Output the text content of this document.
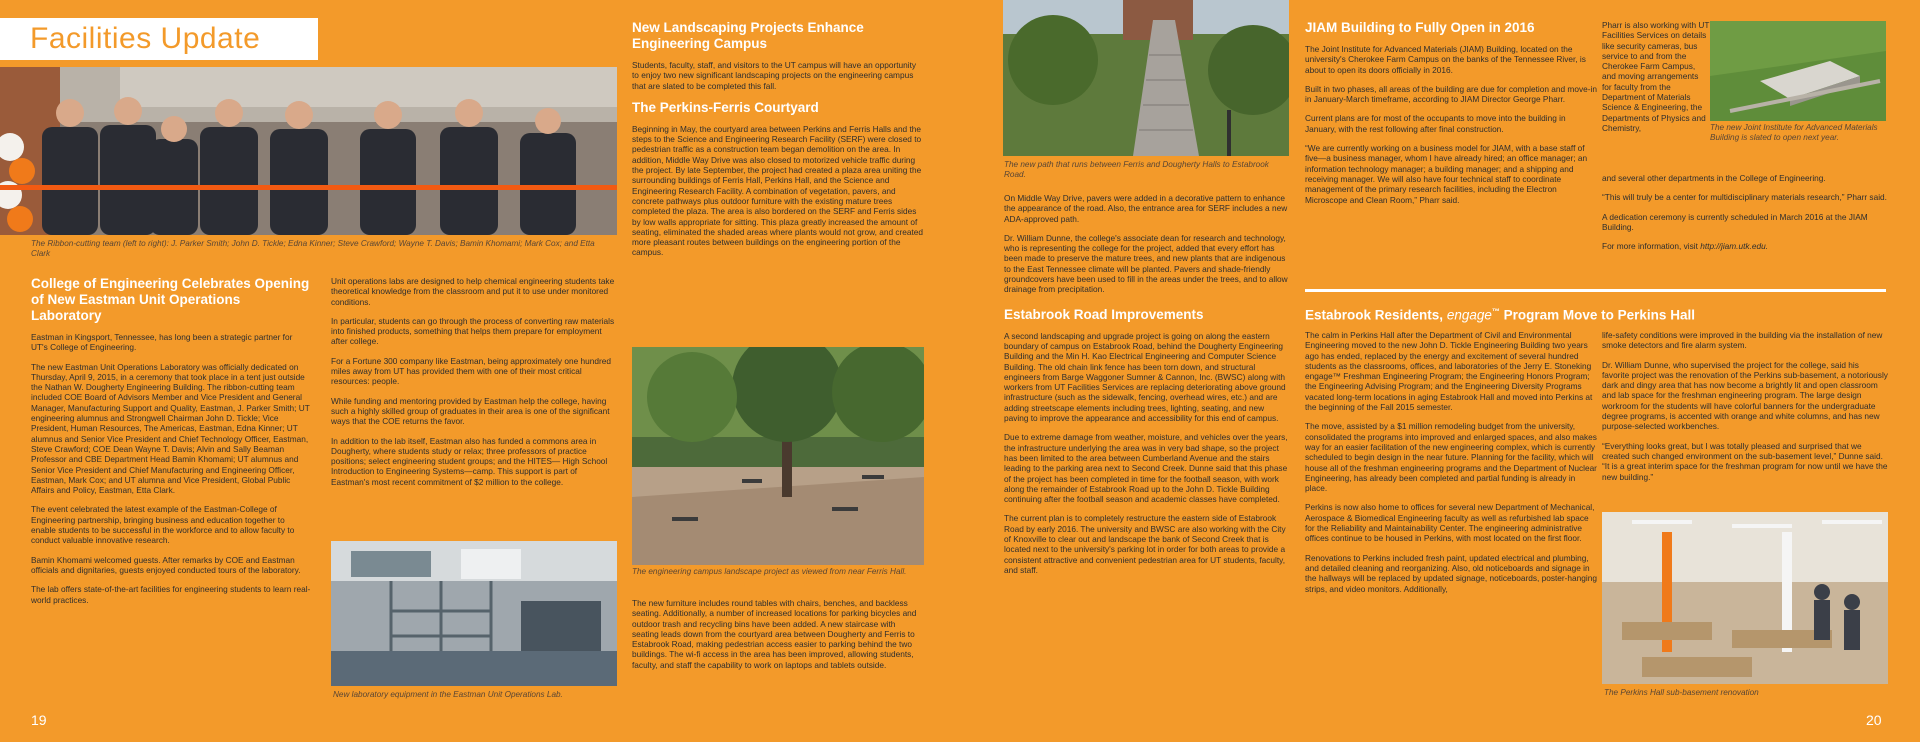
Facilities Update
The Ribbon-cutting team (left to right): J. Parker Smith; John D. Tickle; Edna Kinner; Steve Crawford; Wayne T. Davis; Bamin Khomami; Mark Cox; and Etta Clark
College of Engineering Celebrates Opening of New Eastman Unit Operations Laboratory

Eastman in Kingsport, Tennessee, has long been a strategic partner for UT's College of Engineering.

The new Eastman Unit Operations Laboratory was officially dedicated on Thursday, April 9, 2015, in a ceremony that took place in a tent just outside the Nathan W. Dougherty Engineering Building. The ribbon-cutting team included COE Board of Advisors Member and Vice President and General Manager, Manufacturing Support and Quality, Eastman, J. Parker Smith; UT engineering alumnus and Strongwell Chairman John D. Tickle; Vice President, Human Resources, The Americas, Eastman, Edna Kinner; UT alumnus and Senior Vice President and Chief Technology Officer, Eastman, Steve Crawford; COE Dean Wayne T. Davis; Alvin and Sally Beaman Professor and CBE Department Head Bamin Khomami; UT alumnus and Senior Vice President and Chief Manufacturing and Engineering Officer, Eastman, Mark Cox; and UT alumna and Vice President, Global Public Affairs and Policy, Eastman, Etta Clark.

The event celebrated the latest example of the Eastman-College of Engineering partnership, bringing business and education together to enable students to be successful in the workforce and to allow faculty to conduct valuable innovative research.

Bamin Khomami welcomed guests. After remarks by COE and Eastman officials and dignitaries, guests enjoyed conducted tours of the laboratory.

The lab offers state-of-the-art facilities for engineering students to learn real-world practices.

Unit operations labs are designed to help chemical engineering students take theoretical knowledge from the classroom and put it to use under monitored conditions.

In particular, students can go through the process of converting raw materials into finished products, something that helps them prepare for employment after college.

For a Fortune 300 company like Eastman, being approximately one hundred miles away from UT has provided them with one of their most critical resources: people.

While funding and mentoring provided by Eastman help the college, having such a highly skilled group of graduates in their area is one of the significant ways that the COE returns the favor.

In addition to the lab itself, Eastman also has funded a commons area in Dougherty, where students study or relax; three professors of practice positions; select engineering student groups; and the HITES— High School Introduction to Engineering Systems—camp. This support is part of Eastman's most recent commitment of $2 million to the college.

New laboratory equipment in the Eastman Unit Operations Lab.
19
New Landscaping Projects Enhance Engineering Campus

Students, faculty, staff, and visitors to the UT campus will have an opportunity to enjoy two new significant landscaping projects on the engineering campus that are slated to be completed this fall.

The Perkins-Ferris Courtyard

Beginning in May, the courtyard area between Perkins and Ferris Halls and the steps to the Science and Engineering Research Facility (SERF) were closed to pedestrian traffic as a construction team began demolition on the area. In addition, Middle Way Drive was also closed to motorized vehicle traffic during the project. By late September, the project had created a plaza area uniting the surrounding buildings of Ferris Hall, Perkins Hall, and the Science and Engineering Research Facility. A combination of vegetation, pavers, and concrete pathways plus outdoor furniture with the existing mature trees completed the plaza. The area is also bordered on the SERF and Ferris sides by low walls appropriate for sitting. This plaza greatly increased the amount of seating, eliminated the shaded areas where plants would not grow, and created more pleasant routes between buildings on the engineering portion of the campus.

The engineering campus landscape project as viewed from near Ferris Hall.

The new furniture includes round tables with chairs, benches, and backless seating. Additionally, a number of increased locations for parking bicycles and outdoor trash and recycling bins have been added. A new staircase with seating leads down from the courtyard area between Dougherty and Ferris to Estabrook Road, making pedestrian access easier to parking behind the two buildings. The wi-fi access in the area has been improved, allowing students, faculty, and staff the capability to work on laptops and tablets outside.

The new path that runs between Ferris and Dougherty Halls to Estabrook Road.

On Middle Way Drive, pavers were added in a decorative pattern to enhance the appearance of the road. Also, the entrance area for SERF includes a new ADA-approved path.

Dr. William Dunne, the college's associate dean for research and technology, who is representing the college for the project, added that every effort has been made to preserve the mature trees, and new plants that are indigenous to the East Tennessee climate will be planted. Pavers and shade-friendly groundcovers have been used to fill in the areas under the trees, and to allow drainage from precipitation.

Estabrook Road Improvements

A second landscaping and upgrade project is going on along the eastern boundary of campus on Estabrook Road, behind the Dougherty Engineering Building and the Min H. Kao Electrical Engineering and Computer Science Building. The old chain link fence has been torn down, and structural engineers from Barge Waggoner Sumner & Cannon, Inc. (BWSC) along with workers from UT Facilities Services are replacing deteriorating above ground infrastructure (such as the sidewalk, fencing, overhead wires, etc.) and are adding streetscape elements including trees, lighting, seating, and new paving to improve the appearance and accessibility for this end of campus.

Due to extreme damage from weather, moisture, and vehicles over the years, the infrastructure underlying the area was in very bad shape, so the project has been limited to the area between Cumberland Avenue and the stairs leading to the parking area next to Second Creek. Dunne said that this phase of the project has been completed in time for the football season, with work along the remainder of Estabrook Road up to the John D. Tickle Building continuing after the football season and academic classes have completed.

The current plan is to completely restructure the eastern side of Estabrook Road by early 2016. The university and BWSC are also working with the City of Knoxville to clear out and landscape the bank of Second Creek that is located next to the university's parking lot in order for both areas to provide a consistent attractive and convenient pedestrian area for UT students, faculty, and staff.

JIAM Building to Fully Open in 2016

The Joint Institute for Advanced Materials (JIAM) Building, located on the university's Cherokee Farm Campus on the banks of the Tennessee River, is about to open its doors officially in 2016.

Built in two phases, all areas of the building are due for completion and move-in in January-March timeframe, according to JIAM Director George Pharr.

Current plans are for most of the occupants to move into the building in January, with the rest following after final construction.

“We are currently working on a business model for JIAM, with a base staff of five—a business manager, whom I have already hired; an office manager; an information technology manager; a building manager; and a shipping and receiving manager. We will also have four technical staff to coordinate management of the primary research facilities, including the Electron Microscope and Clean Room,” Pharr said.

Pharr is also working with UT Facilities Services on details like security cameras, bus service to and from the Cherokee Farm Campus, and moving arrangements for faculty from the Department of Materials Science & Engineering, the Departments of Physics and Chemistry,	The new Joint Institute for Advanced Materials Building is slated to open next year.

and several other departments in the College of Engineering.

“This will truly be a center for multidisciplinary materials research,” Pharr said.

A dedication ceremony is currently scheduled in March 2016 at the JIAM Building.

For more information, visit http://jiam.utk.edu.

Estabrook Residents, engage™ Program Move to Perkins Hall

The calm in Perkins Hall after the Department of Civil and Environmental Engineering moved to the new John D. Tickle Engineering Building two years ago has ended, replaced by the energy and excitement of several hundred students as the classrooms, offices, and laboratories of the Jerry E. Stoneking engage™ Freshman Engineering Program; the Engineering Honors Program; the Engineering Advising Program; and the Engineering Diversity Programs vacated long-term locations in aging Estabrook Hall and moved into Perkins at the beginning of the Fall 2015 semester.

The move, assisted by a $1 million remodeling budget from the university, consolidated the programs into improved and enlarged spaces, and also makes way for an easier facilitation of the new engineering complex, which is currently scheduled to begin design in the near future. Planning for the facility, which will house all of the freshman engineering programs and the Department of Nuclear Engineering, has already been completed and partial funding is already in place.

Perkins is now also home to offices for several new Department of Mechanical, Aerospace & Biomedical Engineering faculty as well as refurbished lab space for the Reliability and Maintainability Center. The engineering administrative offices continue to be housed in Perkins, with most located on the first floor.

Renovations to Perkins included fresh paint, updated electrical and plumbing, and detailed cleaning and reorganizing. Also, old noticeboards and signage in the hallways will be replaced by updated signage, noticeboards, poster-hanging strips, and video monitors. Additionally,

life-safety conditions were improved in the building via the installation of new smoke detectors and fire alarm system.

Dr. William Dunne, who supervised the project for the college, said his favorite project was the renovation of the Perkins sub-basement, a notoriously dark and dingy area that has now become a brightly lit and open classroom and lab space for the freshman engineering program. The large design workroom for the students will have colorful banners for the undergraduate degree programs, is accented with orange and white columns, and has new purpose-selected workbenches.

“Everything looks great, but I was totally pleased and surprised that we created such changed environment on the sub-basement level,” Dunne said. “It is a great interim space for the freshman program for now until we have the new building.”

The Perkins Hall sub-basement renovation
20
